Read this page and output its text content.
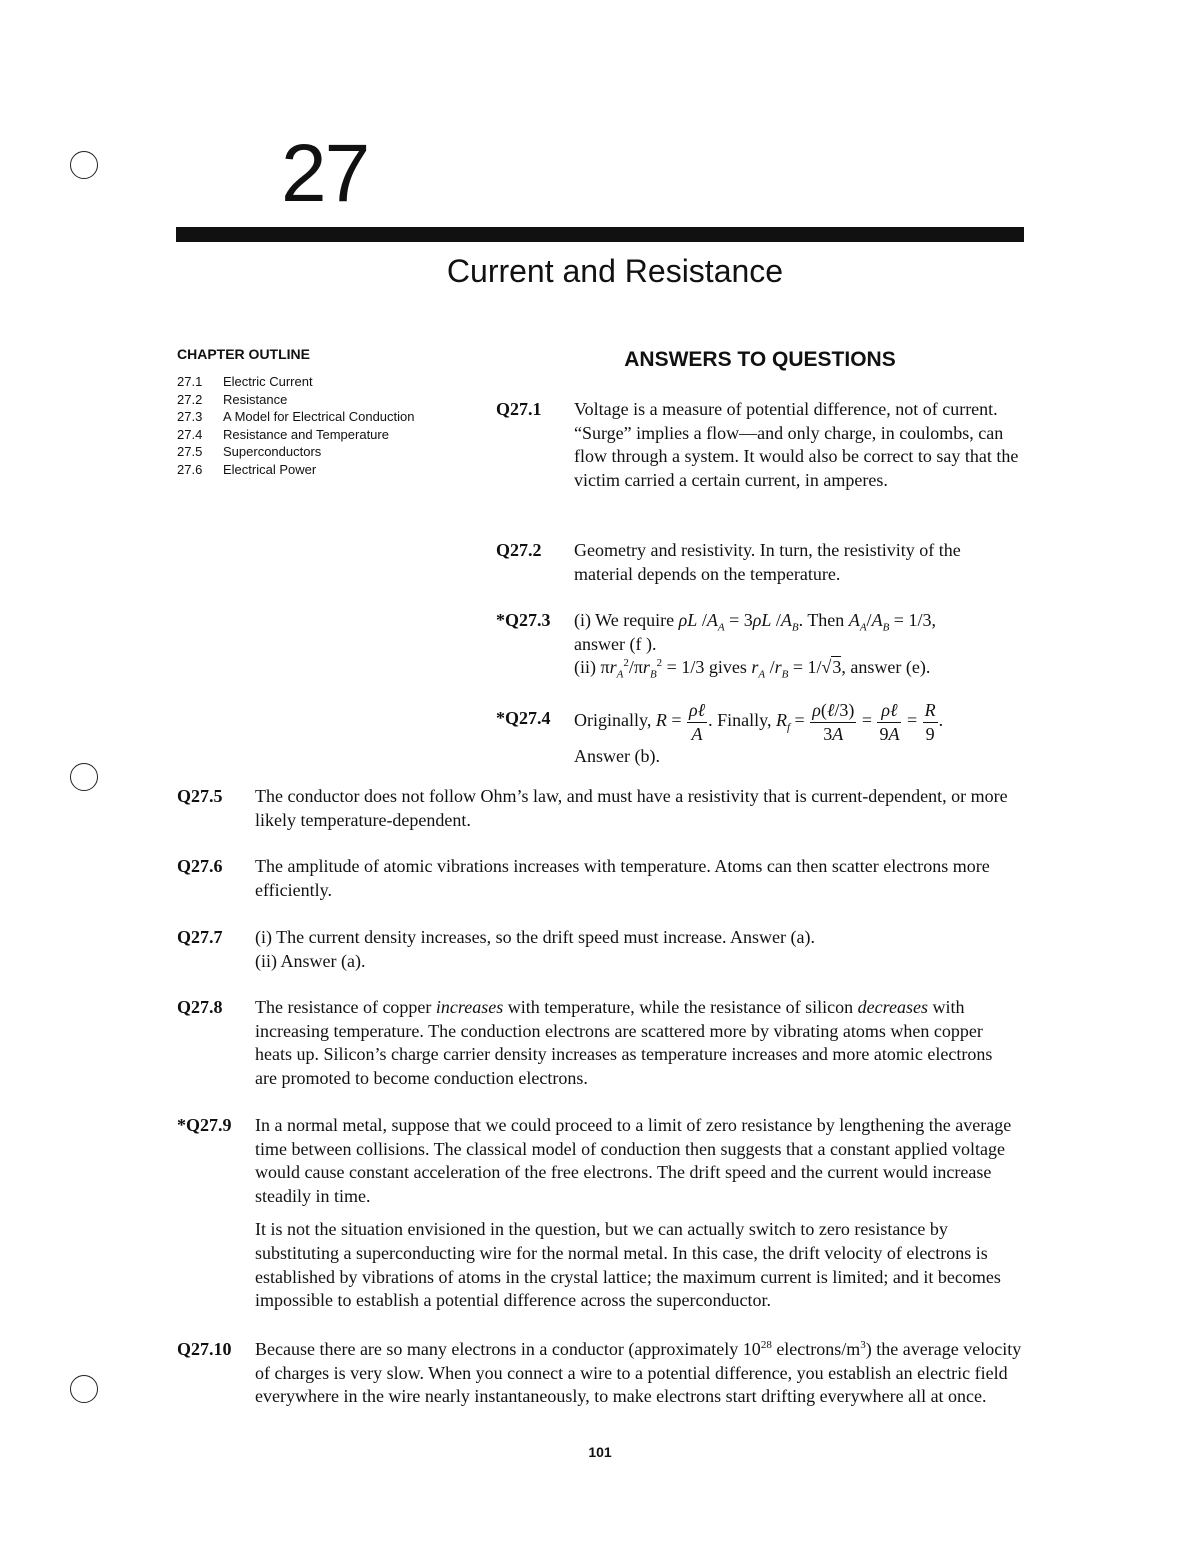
27
Current and Resistance
CHAPTER OUTLINE
27.1 Electric Current
27.2 Resistance
27.3 A Model for Electrical Conduction
27.4 Resistance and Temperature
27.5 Superconductors
27.6 Electrical Power
ANSWERS TO QUESTIONS
Q27.1 Voltage is a measure of potential difference, not of current. “Surge” implies a flow—and only charge, in coulombs, can flow through a system. It would also be correct to say that the victim carried a certain current, in amperes.

Q27.2 Geometry and resistivity. In turn, the resistivity of the material depends on the temperature.

*Q27.3 (i) We require ρL $/A_A = 3\rho L$ $/A_B$. Then $A_A/A_B = 1/3$,
answer (f ).
(ii) $\pi r_A^2/\pi r_B^2 = 1/3$ gives $r_A$ $/r_B = 1/√3$, answer (e).
*Q27.4 Originally, $R = \frac{\text{ρℓ}}{A}$ . Finally, $R_f = \frac{\text{ρ(ℓ/3)}}{3A} = \frac{\text{ρℓ}}{9A} = \frac{R}{9}$ .
Answer (b).
Q27.5 The conductor does not follow Ohm’s law, and must have a resistivity that is current-dependent, or more likely temperature-dependent.

Q27.6 The amplitude of atomic vibrations increases with temperature. Atoms can then scatter electrons more efficiently.

Q27.7 (i) The current density increases, so the drift speed must increase. Answer (a).
(ii) Answer (a).
Q27.8 The resistance of copper increases with temperature, while the resistance of silicon decreases with increasing temperature. The conduction electrons are scattered more by vibrating atoms when copper heats up. Silicon’s charge carrier density increases as temperature increases and more atomic electrons are promoted to become conduction electrons.

*Q27.9 In a normal metal, suppose that we could proceed to a limit of zero resistance by lengthening the average time between collisions. The classical model of conduction then suggests that a constant applied voltage would cause constant acceleration of the free electrons. The drift speed and the current would increase steadily in time.

It is not the situation envisioned in the question, but we can actually switch to zero resistance by substituting a superconducting wire for the normal metal. In this case, the drift velocity of electrons is established by vibrations of atoms in the crystal lattice; the maximum current is limited; and it becomes impossible to establish a potential difference across the superconductor.

Q27.10 Because there are so many electrons in a conductor (approximately $10^{28}$ electrons/$m^3$) the average velocity of charges is very slow. When you connect a wire to a potential difference, you establish an electric field everywhere in the wire nearly instantaneously, to make electrons start drifting everywhere all at once.

101
